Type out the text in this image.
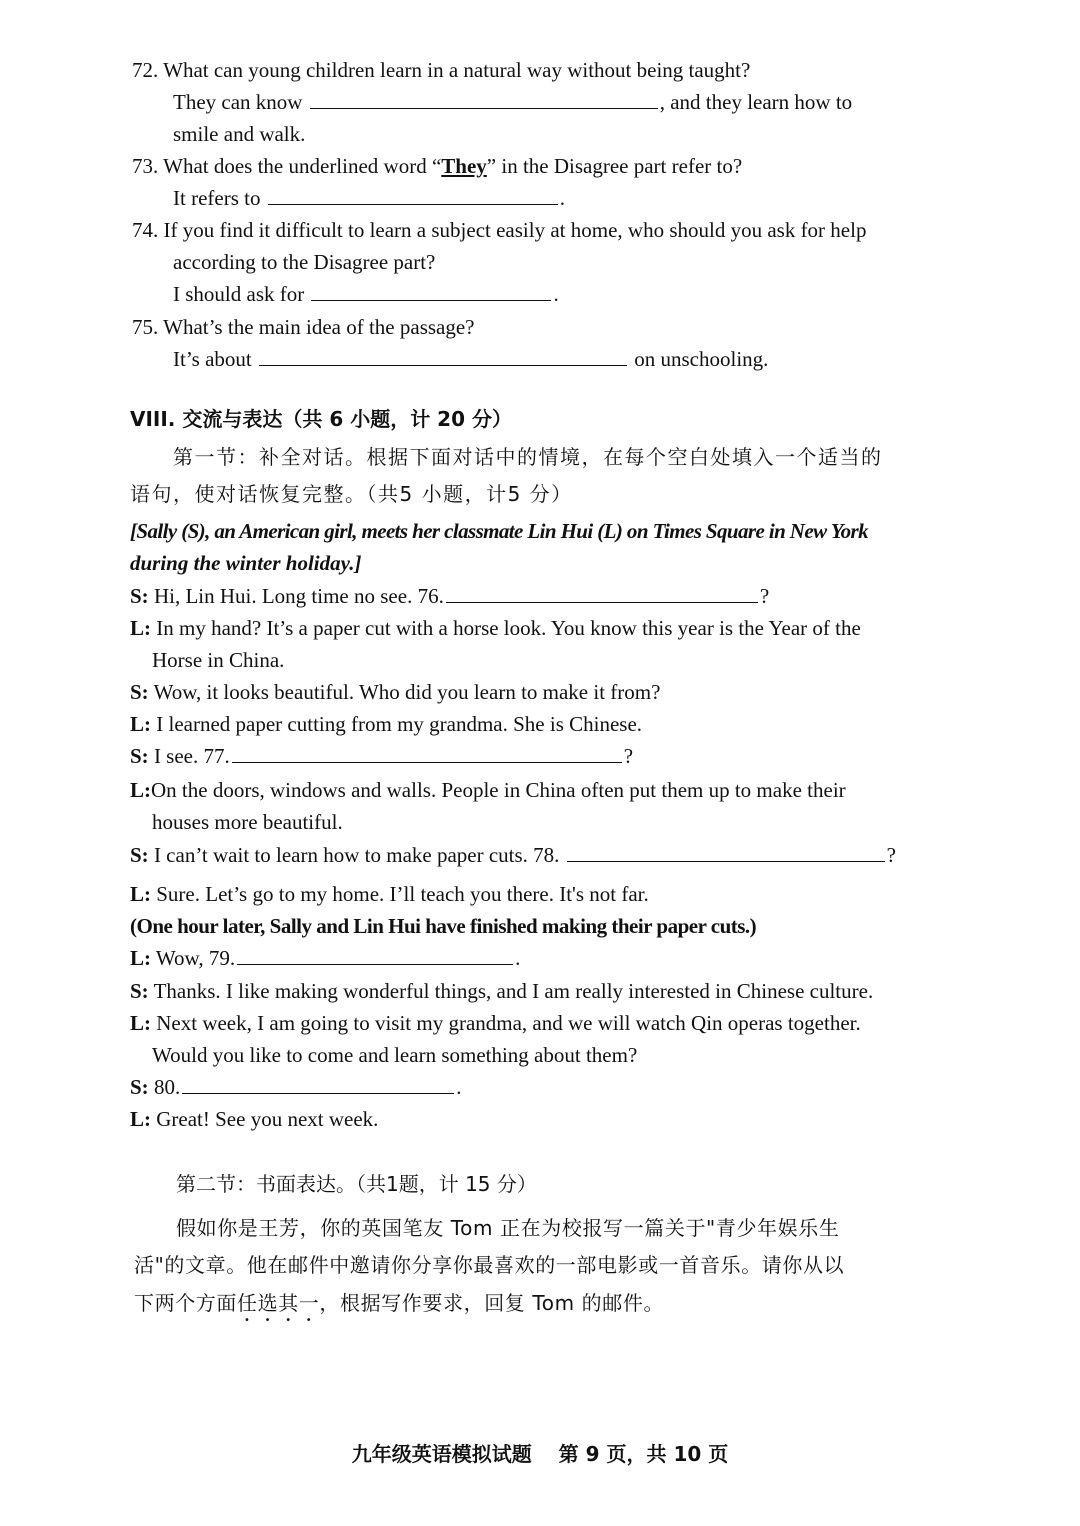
72. What can young children learn in a natural way without being taught?
They can know	, and they learn how to
smile and walk.
73. What does the underlined word “They” in the Disagree part refer to?
It refers to	.
74. If you find it difficult to learn a subject easily at home, who should you ask for help
according to the Disagree part?
I should ask for	.
75. What’s the main idea of the passage?
It’s about	on unschooling.
VIII. 交流与表达（共 6 小题，计 20 分）
第一节：补全对话。根据下面对话中的情境，在每个空白处填入一个适当的
语句，使对话恢复完整。（共5 小题，计5 分）
[Sally (S), an American girl, meets her classmate Lin Hui (L) on Times Square in New York
during the winter holiday.]
S: Hi, Lin Hui. Long time no see. 76.	?
L: In my hand? It’s a paper cut with a horse look. You know this year is the Year of the
Horse in China.
S: Wow, it looks beautiful. Who did you learn to make it from?
L: I learned paper cutting from my grandma. She is Chinese.
S: I see. 77.	?
L:On the doors, windows and walls. People in China often put them up to make their
houses more beautiful.
S: I can’t wait to learn how to make paper cuts. 78.	?
L: Sure. Let’s go to my home. I’ll teach you there. It's not far.
(One hour later, Sally and Lin Hui have finished making their paper cuts.)
L: Wow, 79.	.
S: Thanks. I like making wonderful things, and I am really interested in Chinese culture.
L: Next week, I am going to visit my grandma, and we will watch Qin operas together.
Would you like to come and learn something about them?
S: 80.	.
L: Great! See you next week.
第二节：书面表达。（共1题，计 15 分）
假如你是王芳，你的英国笔友 Tom 正在为校报写一篇关于"青少年娱乐生
活"的文章。他在邮件中邀请你分享你最喜欢的一部电影或一首音乐。请你从以
下两个方面任选其一，根据写作要求，回复 Tom 的邮件。
九年级英语模拟试题 第 9 页，共 10 页
